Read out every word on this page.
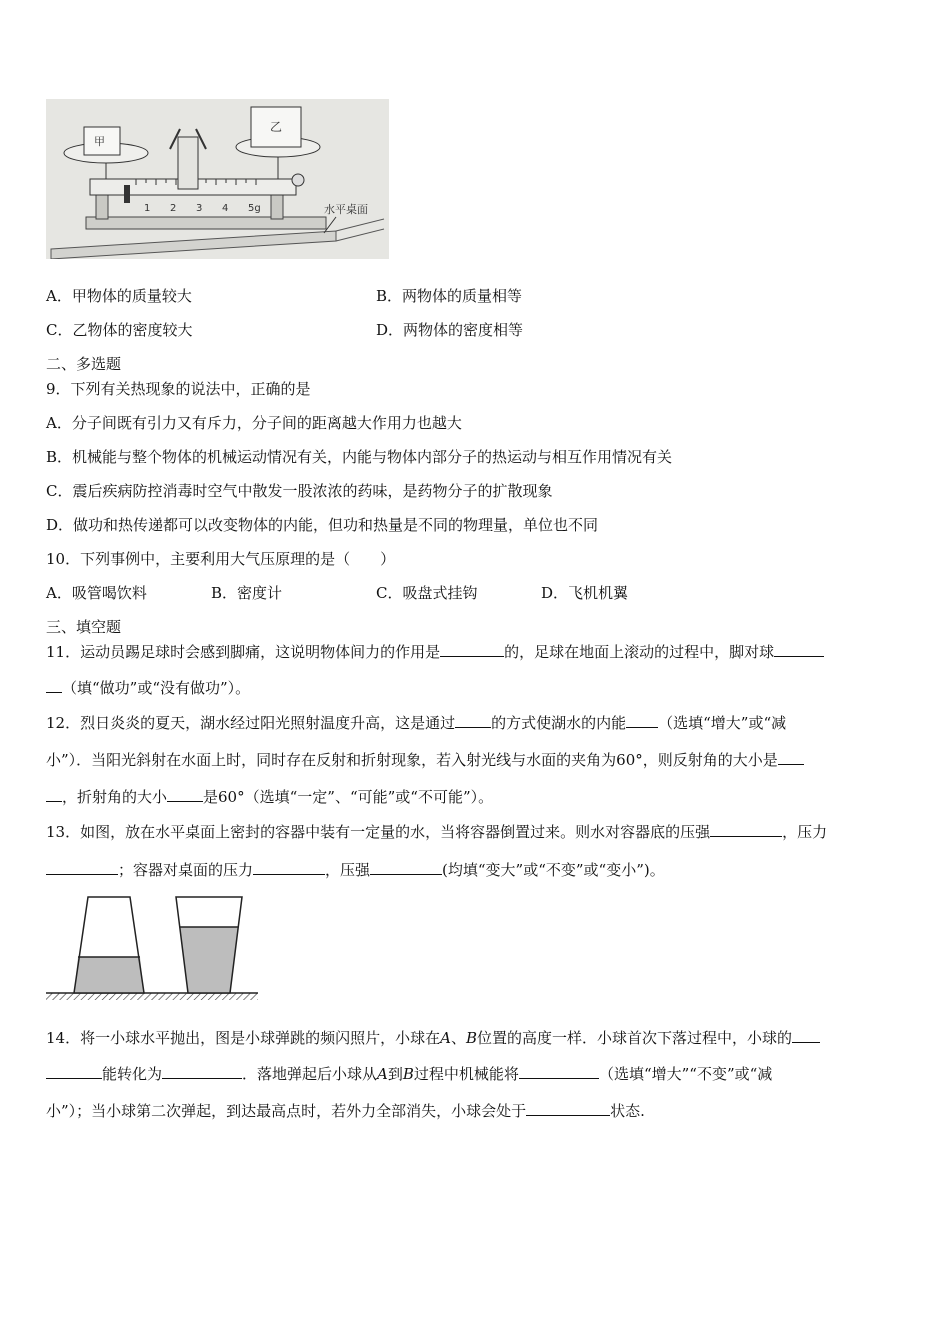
甲
乙
1 2 3 4 5g	水平桌面
A．甲物体的质量较大	B．两物体的质量相等
C．乙物体的密度较大	D．两物体的密度相等
二、多选题
9．下列有关热现象的说法中，正确的是
A．分子间既有引力又有斥力，分子间的距离越大作用力也越大
B．机械能与整个物体的机械运动情况有关，内能与物体内部分子的热运动与相互作用情况有关
C．震后疾病防控消毒时空气中散发一股浓浓的药味，是药物分子的扩散现象
D．做功和热传递都可以改变物体的内能，但功和热量是不同的物理量，单位也不同
10．下列事例中，主要利用大气压原理的是（　　）
A．吸管喝饮料	B．密度计	C．吸盘式挂钩	D．飞机机翼
三、填空题
11．运动员踢足球时会感到脚痛，这说明物体间力的作用是	的，足球在地面上滚动的过程中，脚对球
（填“做功”或“没有做功”）。
12．烈日炎炎的夏天，湖水经过阳光照射温度升高，这是通过 的方式使湖水的内能 （选填“增大”或“减
小”）．当阳光斜射在水面上时，同时存在反射和折射现象，若入射光线与水面的夹角为60°，则反射角的大小是
，折射角的大小 是60°（选填“一定”、“可能”或“不可能”）。
13．如图，放在水平桌面上密封的容器中装有一定量的水，当将容器倒置过来。则水对容器底的压强	，压力
；容器对桌面的压力	，压强	(均填“变大”或“不变”或“变小”)。
14．将一小球水平抛出，图是小球弹跳的频闪照片，小球在A、B位置的高度一样．小球首次下落过程中，小球的
能转化为	．落地弹起后小球从A到B过程中机械能将	（选填“增大”“不变”或“减
小”）；当小球第二次弹起，到达最高点时，若外力全部消失，小球会处于	状态.
